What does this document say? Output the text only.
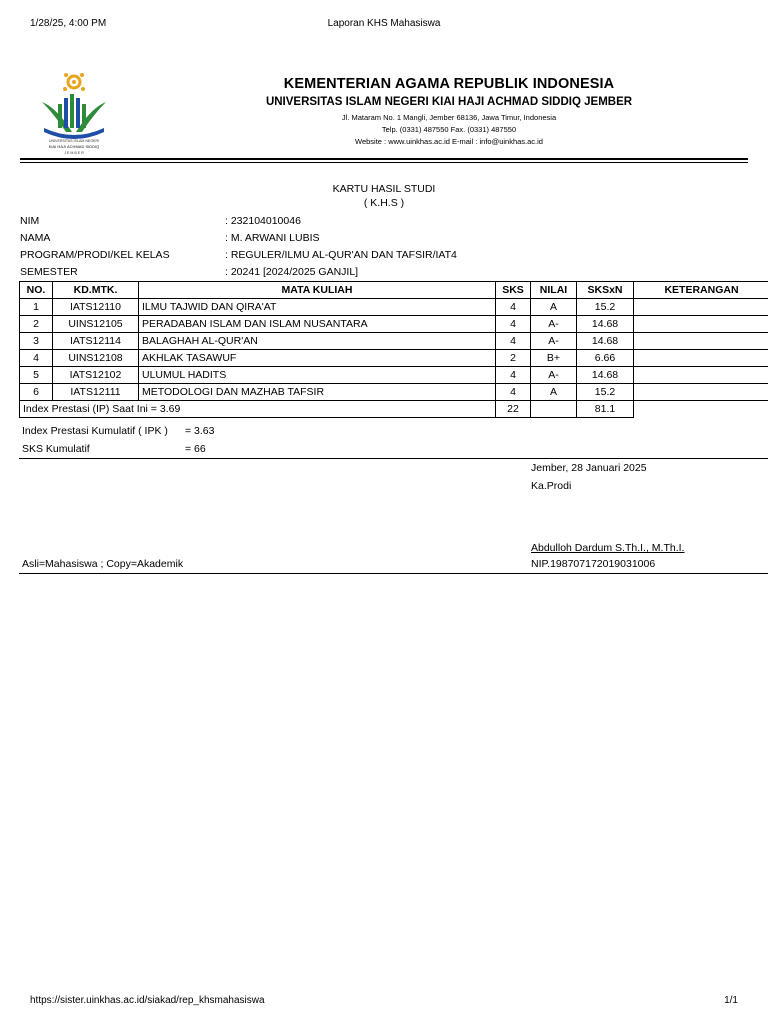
1/28/25, 4:00 PM	Laporan KHS Mahasiswa
UNIVERSITAS ISLAM NEGERI
KIAI HAJI ACHMAD SIDDIQ
J E M B E R
KEMENTERIAN AGAMA REPUBLIK INDONESIA
UNIVERSITAS ISLAM NEGERI KIAI HAJI ACHMAD SIDDIQ JEMBER
Jl. Mataram No. 1 Mangli, Jember 68136, Jawa Timur, Indonesia
Telp. (0331) 487550 Fax. (0331) 487550
Website : www.uinkhas.ac.id E-mail : info@uinkhas.ac.id
KARTU HASIL STUDI
( K.H.S )
NIM	: 232104010046
NAMA	: M. ARWANI LUBIS
PROGRAM/PRODI/KEL KELAS	: REGULER/ILMU AL-QUR'AN DAN TAFSIR/IAT4
SEMESTER	: 20241 [2024/2025 GANJIL]
NO.	KD.MTK.	MATA KULIAH	SKS	NILAI	SKSxN	KETERANGAN
1	IATS12110	ILMU TAJWID DAN QIRA'AT	4	A	15.2	
2	UINS12105	PERADABAN ISLAM DAN ISLAM NUSANTARA	4	A-	14.68	
3	IATS12114	BALAGHAH AL-QUR'AN	4	A-	14.68	
4	UINS12108	AKHLAK TASAWUF	2	B+	6.66	
5	IATS12102	ULUMUL HADITS	4	A-	14.68	
6	IATS12111	METODOLOGI DAN MAZHAB TAFSIR	4	A	15.2	
Index Prestasi (IP) Saat Ini = 3.69			22		81.1	
Index Prestasi Kumulatif ( IPK ) = 3.63
SKS Kumulatif	= 66
Jember, 28 Januari 2025
Ka.Prodi
Abdulloh Dardum S.Th.I., M.Th.I.
NIP.198707172019031006
Asli=Mahasiswa ; Copy=Akademik
https://sister.uinkhas.ac.id/siakad/rep_khsmahasiswa	1/1
